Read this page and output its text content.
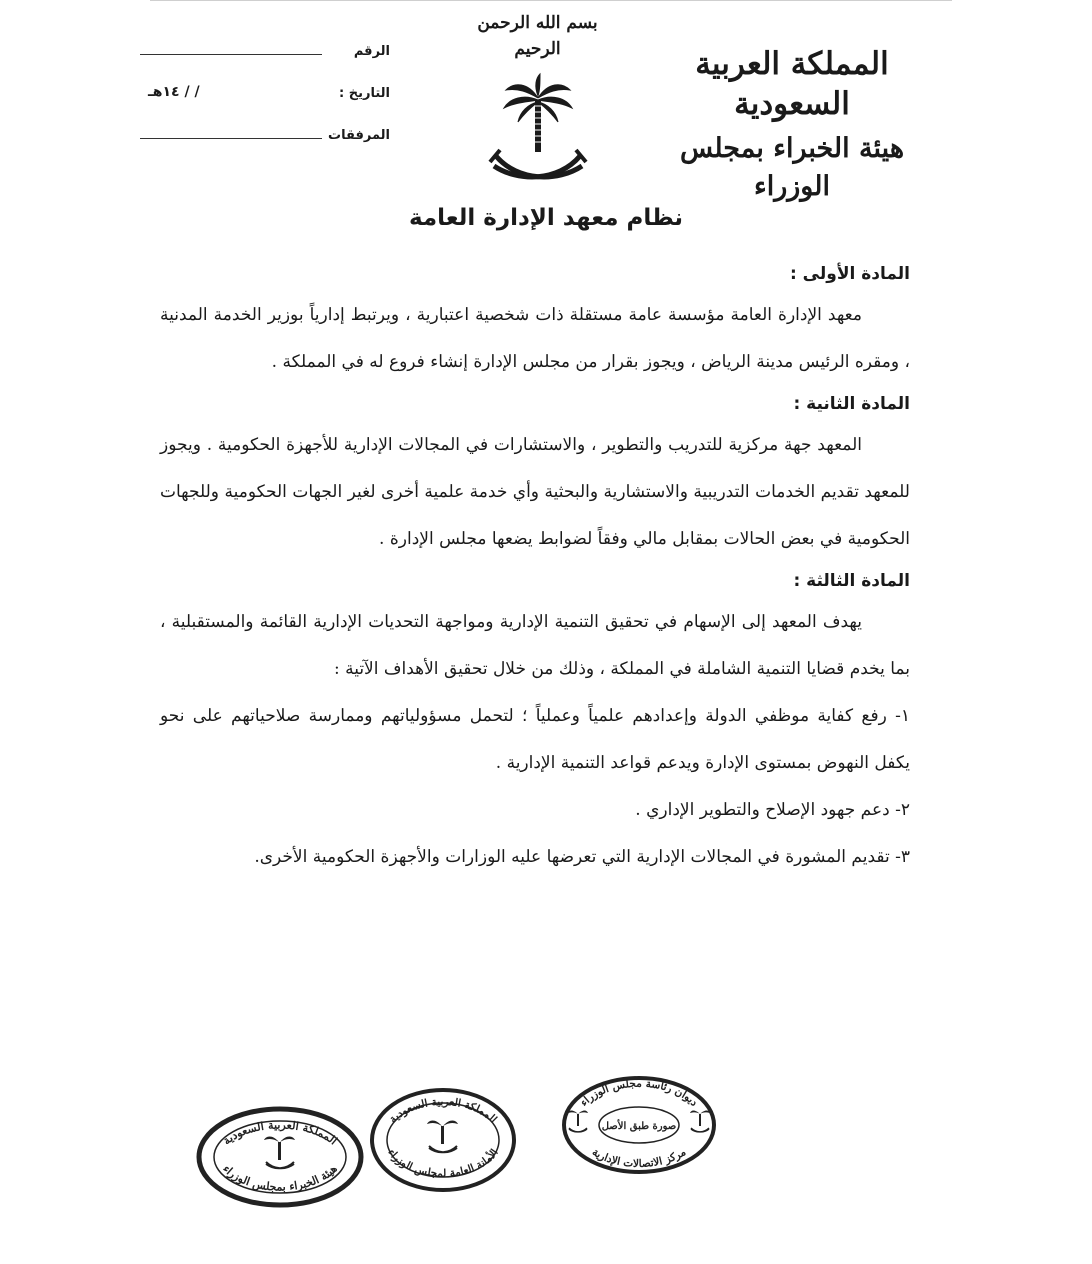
المملكة العربية السعودية
هيئة الخبراء بمجلس الوزراء
بسم الله الرحمن الرحيم
الرقم
التاريخ :
/ / ١٤هـ
المرفقات
نظام معهد الإدارة العامة
المادة الأولى :

معهد الإدارة العامة مؤسسة عامة مستقلة ذات شخصية اعتبارية ، ويرتبط إدارياً بوزير الخدمة المدنية ، ومقره الرئيس مدينة الرياض ، ويجوز بقرار من مجلس الإدارة إنشاء فروع له في المملكة .

المادة الثانية :

المعهد جهة مركزية للتدريب والتطوير ، والاستشارات في المجالات الإدارية للأجهزة الحكومية . ويجوز للمعهد تقديم الخدمات التدريبية والاستشارية والبحثية وأي خدمة علمية أخرى لغير الجهات الحكومية وللجهات الحكومية في بعض الحالات بمقابل مالي وفقاً لضوابط يضعها مجلس الإدارة .

المادة الثالثة :

يهدف المعهد إلى الإسهام في تحقيق التنمية الإدارية ومواجهة التحديات الإدارية القائمة والمستقبلية ، بما يخدم قضايا التنمية الشاملة في المملكة ، وذلك من خلال تحقيق الأهداف الآتية :

١- رفع كفاية موظفي الدولة وإعدادهم علمياً وعملياً ؛ لتحمل مسؤولياتهم وممارسة صلاحياتهم على نحو يكفل النهوض بمستوى الإدارة ويدعم قواعد التنمية الإدارية .
٢- دعم جهود الإصلاح والتطوير الإداري .
٣- تقديم المشورة في المجالات الإدارية التي تعرضها عليه الوزارات والأجهزة الحكومية الأخرى.
المملكة العربية السعودية
هيئة الخبراء بمجلس الوزراء
المملكة العربية السعودية
الأمانة العامة لمجلس الوزراء
ديوان رئاسة مجلس الوزراء
صورة طبق الأصل
مركز الاتصالات الإدارية
